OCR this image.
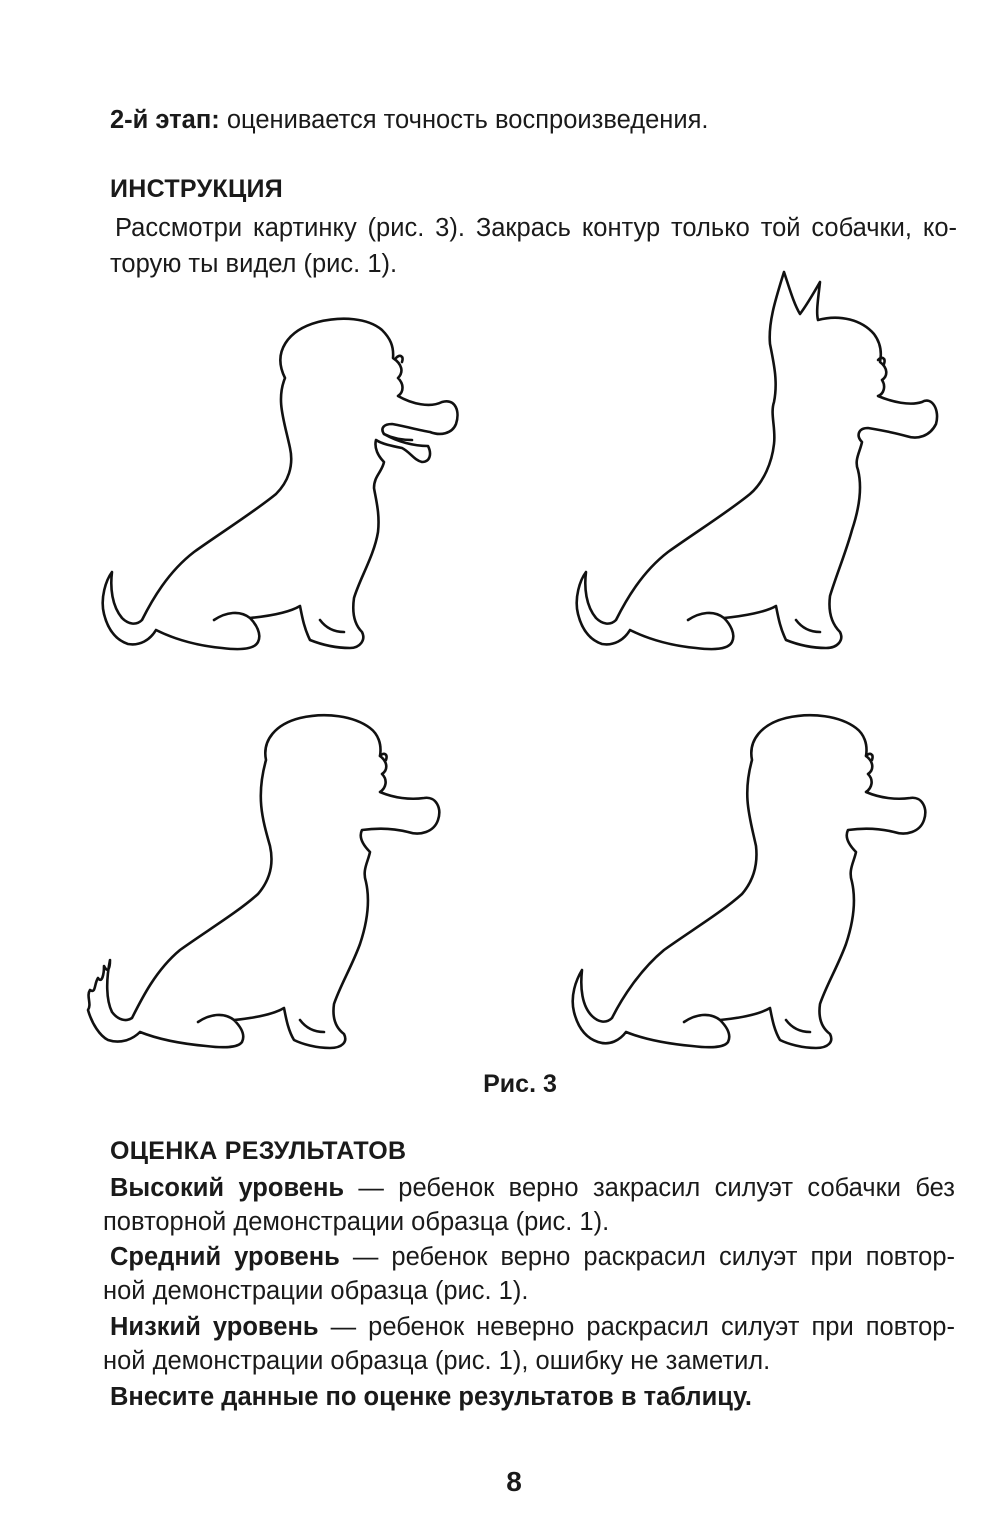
2-й этап: оценивается точность воспроизведения.
ИНСТРУКЦИЯ
Рассмотри картинку (рис. 3). Закрась контур только той собачки, ко-
торую ты видел (рис. 1).
Рис. 3
ОЦЕНКА РЕЗУЛЬТАТОВ
Высокий уровень — ребенок верно закрасил силуэт собачки без
повторной демонстрации образца (рис. 1).
Средний уровень — ребенок верно раскрасил силуэт при повтор-
ной демонстрации образца (рис. 1).
Низкий уровень — ребенок неверно раскрасил силуэт при повтор-
ной демонстрации образца (рис. 1), ошибку не заметил.
Внесите данные по оценке результатов в таблицу.
8
